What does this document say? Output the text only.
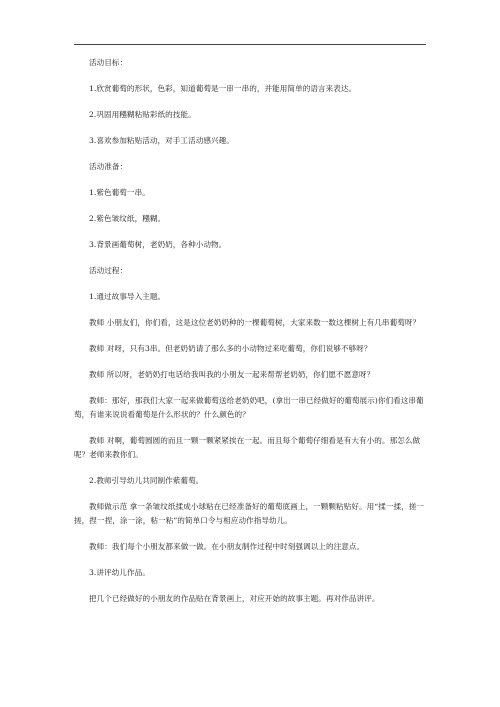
活动目标：

1.欣赏葡萄的形状，色彩，知道葡萄是一串一串的，并能用简单的语言来表达。

2.巩固用糨糊粘贴彩纸的技能。

3.喜欢参加粘贴活动，对手工活动感兴趣。

活动准备：

1.紫色葡萄一串。

2.紫色皱纹纸，糨糊。

3.背景画葡萄树，老奶奶，各种小动物。

活动过程：

1.通过故事导入主题。

教师 小朋友们，你们看，这是这位老奶奶种的一棵葡萄树，大家来数一数这棵树上有几串葡萄呀？

教师 对呀，只有3串。但老奶奶请了那么多的小动物过来吃葡萄，你们说够不够呀？

教师 所以呀，老奶奶打电话给我叫我的小朋友一起来帮帮老奶奶，你们愿不愿意呀？

教师：那好，那我们大家一起来做葡萄送给老奶奶吧，(拿出一串已经做好的葡萄展示)你们看这串葡萄，有谁来说说看葡萄是什么形状的？什么颜色的？

教师 对啊，葡萄圆圆的而且一颗一颗紧紧挨在一起。而且每个葡萄仔细看是有大有小的。那怎么做呢？老师来教你们。

2.教师引导幼儿共同制作紫葡萄。

教师做示范 拿一条皱纹纸揉成小球粘在已经准备好的葡萄底画上，一颗颗粘贴好。用“揉一揉，搓一搓，捏一捏，涂一涂，粘一粘”的简单口令与相应动作指导幼儿。

教师：我们每个小朋友都来做一做。在小朋友制作过程中时刻强调以上的注意点。

3.讲评幼儿作品。

把几个已经做好的小朋友的作品贴在背景画上，对应开始的故事主题。再对作品讲评。
